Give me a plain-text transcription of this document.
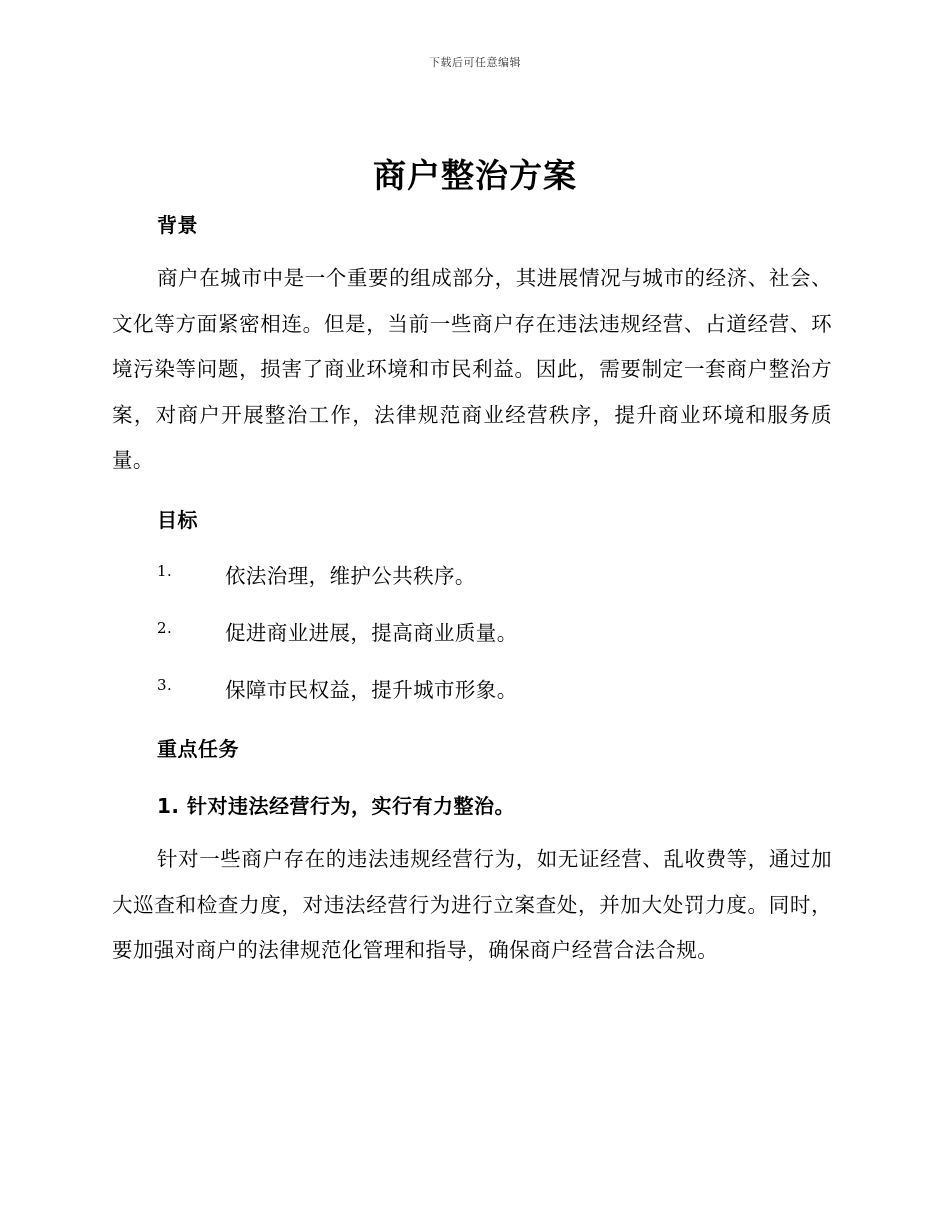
下载后可任意编辑
商户整治方案
背景
商户在城市中是一个重要的组成部分，其进展情况与城市的经济、社会、文化等方面紧密相连。但是，当前一些商户存在违法违规经营、占道经营、环境污染等问题，损害了商业环境和市民利益。因此，需要制定一套商户整治方案，对商户开展整治工作，法律规范商业经营秩序，提升商业环境和服务质量。
目标
1.	依法治理，维护公共秩序。
2.	促进商业进展，提高商业质量。
3.	保障市民权益，提升城市形象。
重点任务
1. 针对违法经营行为，实行有力整治。
针对一些商户存在的违法违规经营行为，如无证经营、乱收费等，通过加大巡查和检查力度，对违法经营行为进行立案查处，并加大处罚力度。同时，要加强对商户的法律规范化管理和指导，确保商户经营合法合规。
